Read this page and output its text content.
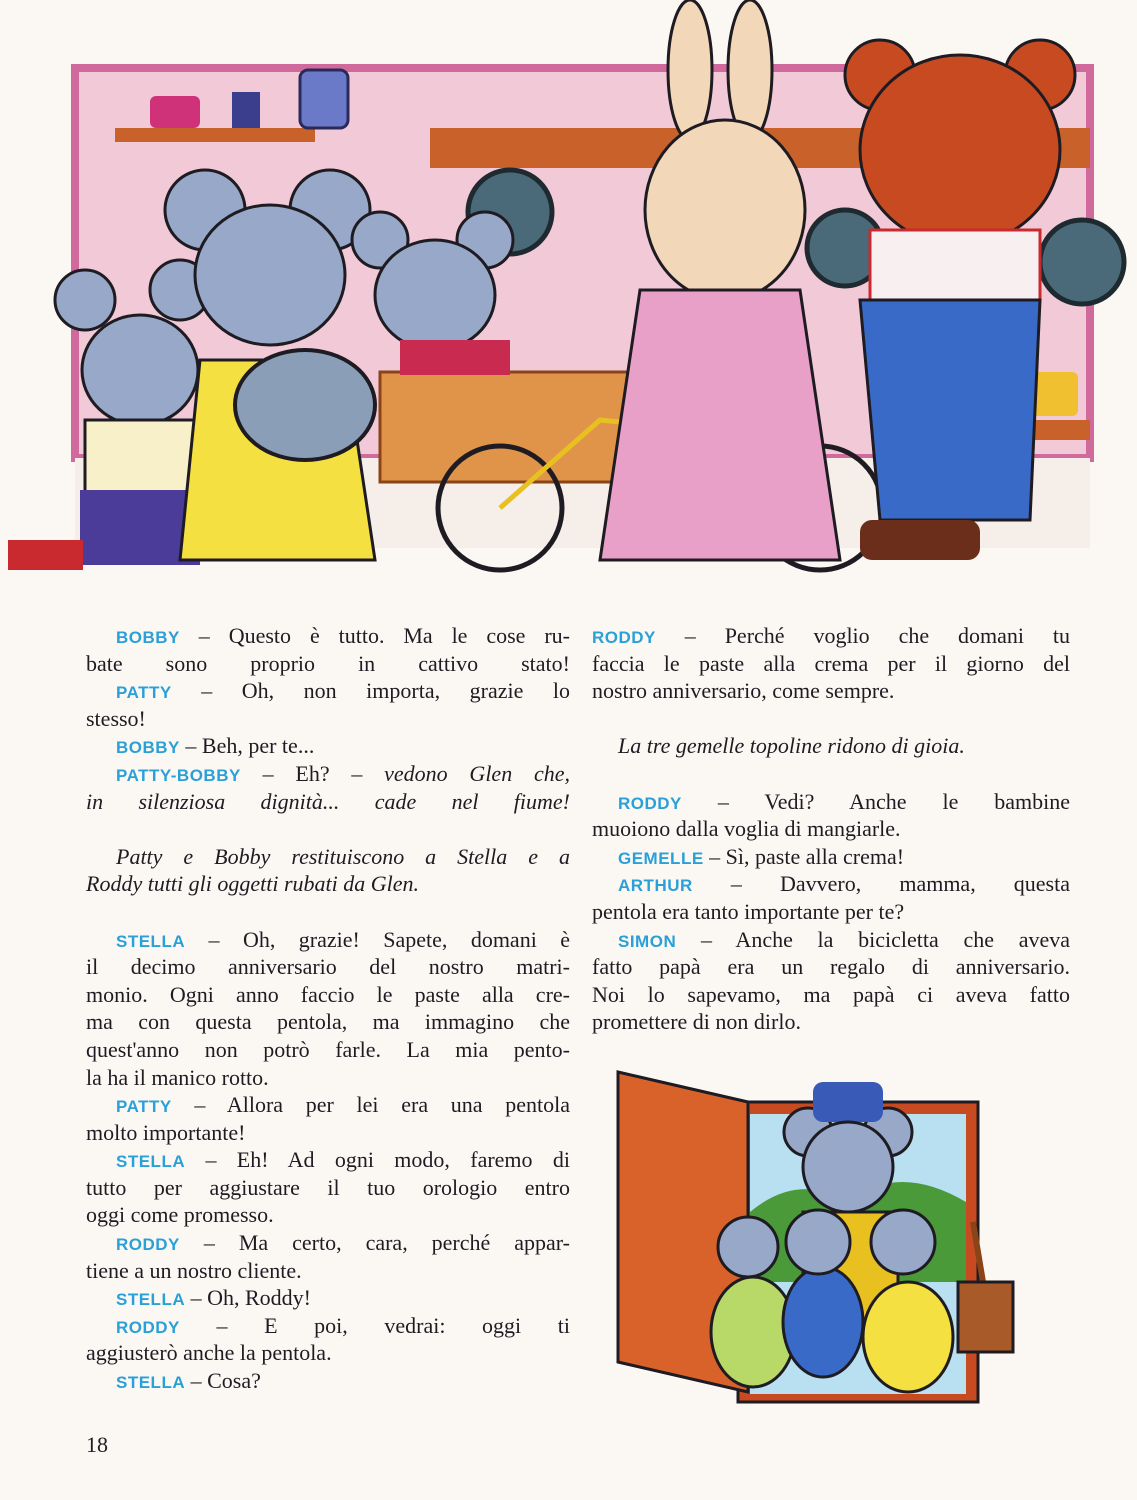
BOBBY – Questo è tutto. Ma le cose ru-
bate sono proprio in cattivo stato!
PATTY – Oh, non importa, grazie lo
stesso!
BOBBY – Beh, per te...
PATTY-BOBBY – Eh? – vedono Glen che,
in silenziosa dignità... cade nel fiume!
Patty e Bobby restituiscono a Stella e a
Roddy tutti gli oggetti rubati da Glen.
STELLA – Oh, grazie! Sapete, domani è
il decimo anniversario del nostro matri-
monio. Ogni anno faccio le paste alla cre-
ma con questa pentola, ma immagino che
quest'anno non potrò farle. La mia pento-
la ha il manico rotto.
PATTY – Allora per lei era una pentola
molto importante!
STELLA – Eh! Ad ogni modo, faremo di
tutto per aggiustare il tuo orologio entro
oggi come promesso.
RODDY – Ma certo, cara, perché appar-
tiene a un nostro cliente.
STELLA – Oh, Roddy!
RODDY – E poi, vedrai: oggi ti
aggiusterò anche la pentola.
STELLA – Cosa?
RODDY – Perché voglio che domani tu
faccia le paste alla crema per il giorno del
nostro anniversario, come sempre.
La tre gemelle topoline ridono di gioia.
RODDY – Vedi? Anche le bambine
muoiono dalla voglia di mangiarle.
GEMELLE – Sì, paste alla crema!
ARTHUR – Davvero, mamma, questa
pentola era tanto importante per te?
SIMON – Anche la bicicletta che aveva
fatto papà era un regalo di anniversario.
Noi lo sapevamo, ma papà ci aveva fatto
promettere di non dirlo.
18
